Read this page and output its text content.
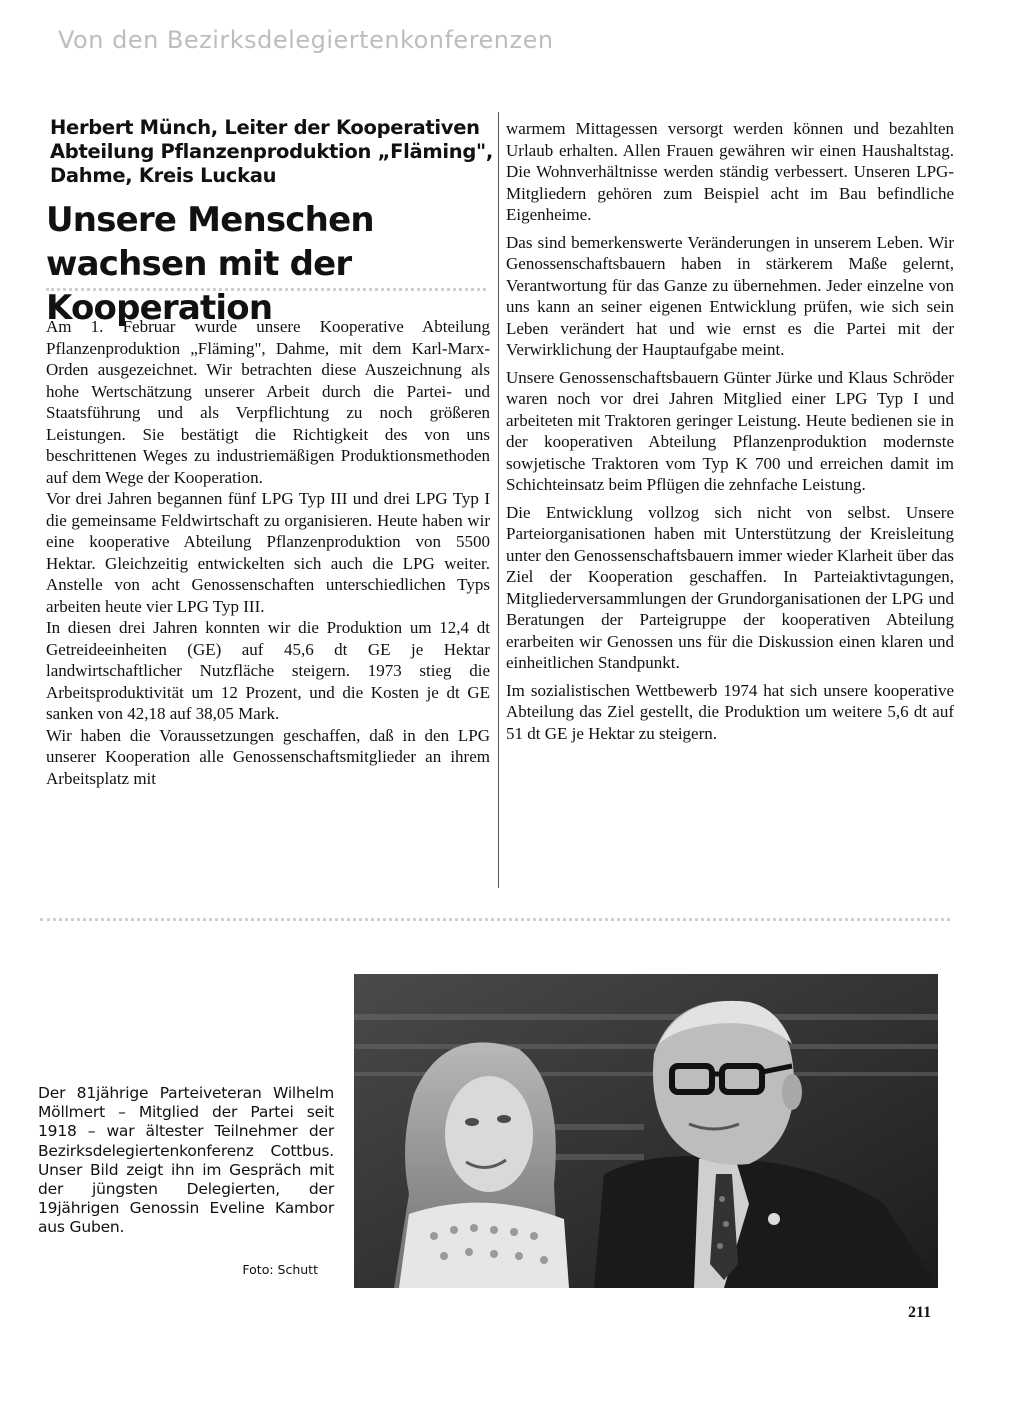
Von den Bezirksdelegiertenkonferenzen
Herbert Münch, Leiter der Kooperativen Abteilung Pflanzenproduktion „Fläming", Dahme, Kreis Luckau
Unsere Menschen wachsen mit der Kooperation

Am 1. Februar wurde unsere Kooperative Abteilung Pflanzenproduktion „Fläming", Dahme, mit dem Karl-Marx-Orden ausgezeichnet. Wir betrachten diese Auszeichnung als hohe Wertschätzung unserer Arbeit durch die Partei- und Staatsführung und als Verpflichtung zu noch größeren Leistungen. Sie bestätigt die Richtigkeit des von uns beschrittenen Weges zu industriemäßigen Produktionsmethoden auf dem Wege der Kooperation.

Vor drei Jahren begannen fünf LPG Typ III und drei LPG Typ I die gemeinsame Feldwirtschaft zu organisieren. Heute haben wir eine kooperative Abteilung Pflanzenproduktion von 5500 Hektar. Gleichzeitig entwickelten sich auch die LPG weiter. Anstelle von acht Genossenschaften unterschiedlichen Typs arbeiten heute vier LPG Typ III.

In diesen drei Jahren konnten wir die Produktion um 12,4 dt Getreideeinheiten (GE) auf 45,6 dt GE je Hektar landwirtschaftlicher Nutzfläche steigern. 1973 stieg die Arbeitsproduktivität um 12 Prozent, und die Kosten je dt GE sanken von 42,18 auf 38,05 Mark.

Wir haben die Voraussetzungen geschaffen, daß in den LPG unserer Kooperation alle Genossenschaftsmitglieder an ihrem Arbeitsplatz mit

warmem Mittagessen versorgt werden können und bezahlten Urlaub erhalten. Allen Frauen gewähren wir einen Haushaltstag. Die Wohnverhältnisse werden ständig verbessert. Unseren LPG-Mitgliedern gehören zum Beispiel acht im Bau befindliche Eigenheime.

Das sind bemerkenswerte Veränderungen in unserem Leben. Wir Genossenschaftsbauern haben in stärkerem Maße gelernt, Verantwortung für das Ganze zu übernehmen. Jeder einzelne von uns kann an seiner eigenen Entwicklung prüfen, wie sich sein Leben verändert hat und wie ernst es die Partei mit der Verwirklichung der Hauptaufgabe meint.

Unsere Genossenschaftsbauern Günter Jürke und Klaus Schröder waren noch vor drei Jahren Mitglied einer LPG Typ I und arbeiteten mit Traktoren geringer Leistung. Heute bedienen sie in der kooperativen Abteilung Pflanzenproduktion modernste sowjetische Traktoren vom Typ K 700 und erreichen damit im Schichteinsatz beim Pflügen die zehnfache Leistung.

Die Entwicklung vollzog sich nicht von selbst. Unsere Parteiorganisationen haben mit Unterstützung der Kreisleitung unter den Genossenschaftsbauern immer wieder Klarheit über das Ziel der Kooperation geschaffen. In Parteiaktivtagungen, Mitgliederversammlungen der Grundorganisationen der LPG und Beratungen der Parteigruppe der kooperativen Abteilung erarbeiten wir Genossen uns für die Diskussion einen klaren und einheitlichen Standpunkt.

Im sozialistischen Wettbewerb 1974 hat sich unsere kooperative Abteilung das Ziel gestellt, die Produktion um weitere 5,6 dt auf 51 dt GE je Hektar zu steigern.

Der 81jährige Parteiveteran Wilhelm Möllmert – Mitglied der Partei seit 1918 – war ältester Teilnehmer der Bezirksdelegiertenkonferenz Cottbus. Unser Bild zeigt ihn im Gespräch mit der jüngsten Delegierten, der 19jährigen Genossin Eveline Kambor aus Guben.
Foto: Schutt
211
